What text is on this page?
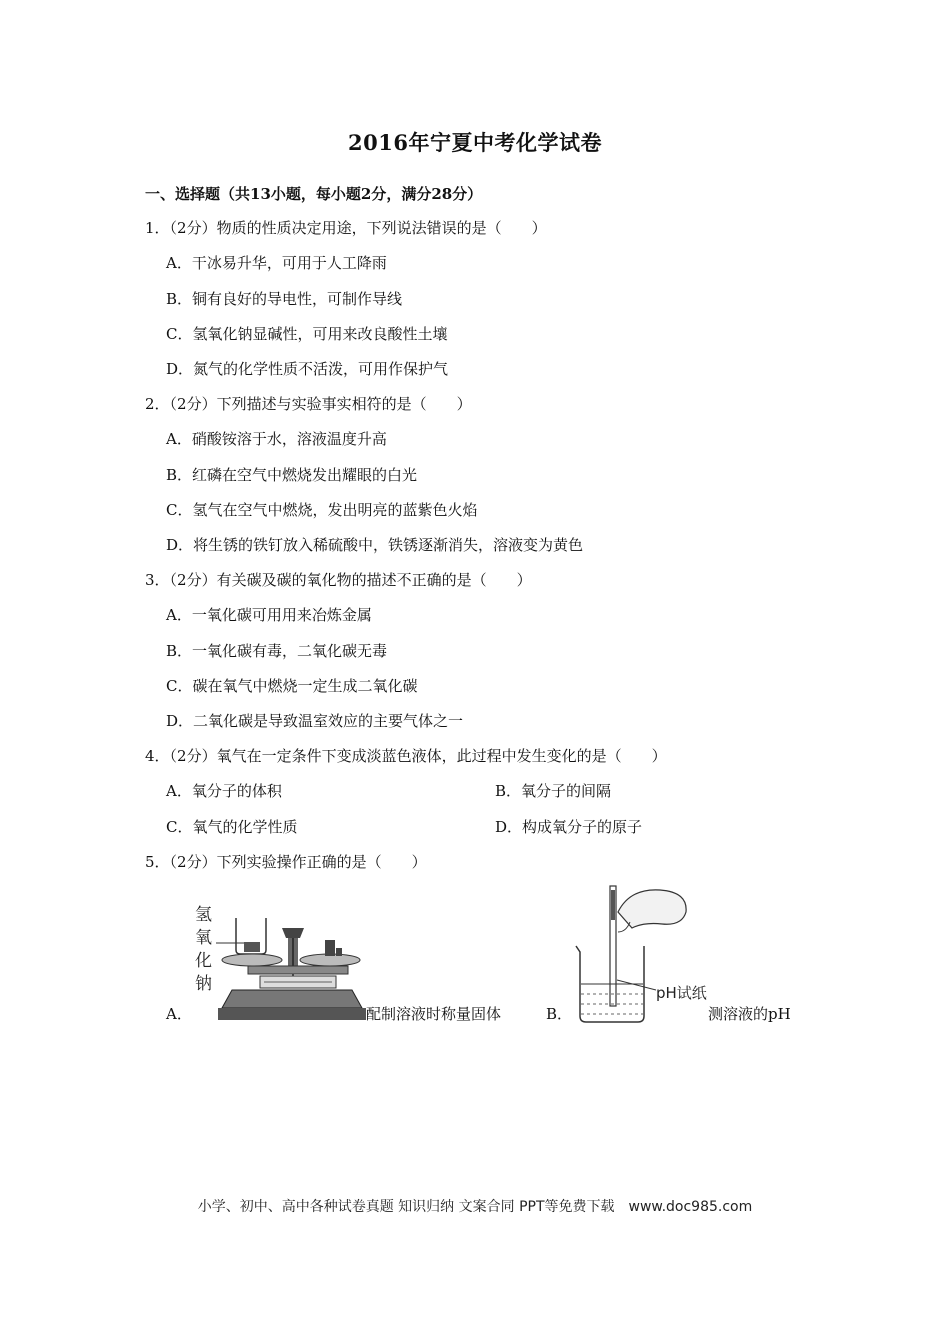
2016年宁夏中考化学试卷
一、选择题（共13小题，每小题2分，满分28分）
1．（2分）物质的性质决定用途，下列说法错误的是（　　）
A．干冰易升华，可用于人工降雨
B．铜有良好的导电性，可制作导线
C．氢氧化钠显碱性，可用来改良酸性土壤
D．氮气的化学性质不活泼，可用作保护气
2．（2分）下列描述与实验事实相符的是（　　）
A．硝酸铵溶于水，溶液温度升高
B．红磷在空气中燃烧发出耀眼的白光
C．氢气在空气中燃烧，发出明亮的蓝紫色火焰
D．将生锈的铁钉放入稀硫酸中，铁锈逐渐消失，溶液变为黄色
3．（2分）有关碳及碳的氧化物的描述不正确的是（　　）
A．一氧化碳可用用来冶炼金属
B．一氧化碳有毒，二氧化碳无毒
C．碳在氧气中燃烧一定生成二氧化碳
D．二氧化碳是导致温室效应的主要气体之一
4．（2分）氧气在一定条件下变成淡蓝色液体，此过程中发生变化的是（　　）
A．氧分子的体积	B．氧分子的间隔
C．氧气的化学性质	D．构成氧分子的原子
5．（2分）下列实验操作正确的是（　　）
A．
氢
氧
化
钠
配制溶液时称量固体	B．
pH试纸
测溶液的pH
小学、初中、高中各种试卷真题 知识归纳 文案合同 PPT等免费下载　www.doc985.com
